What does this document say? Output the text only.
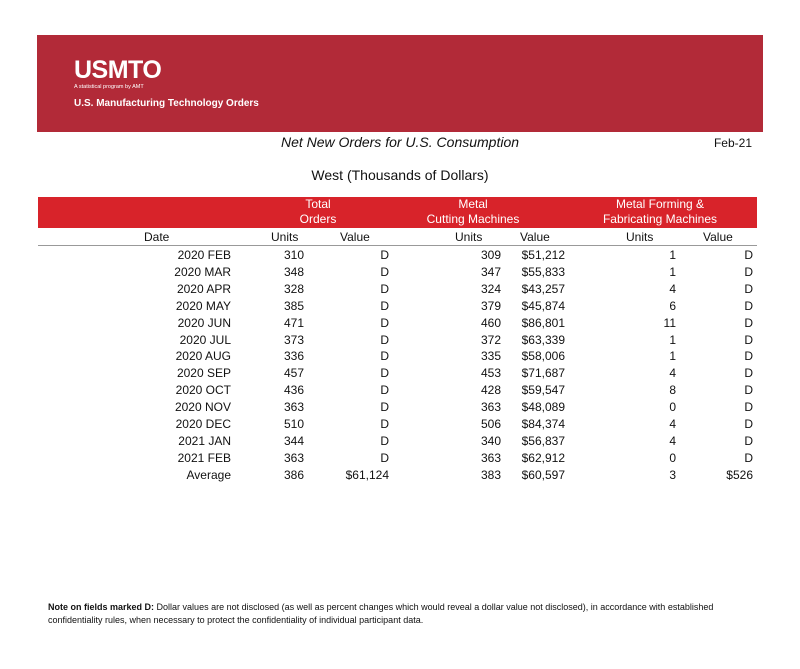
USMTO
A statistical program by AMT
U.S. Manufacturing Technology Orders
Net New Orders for U.S. Consumption	Feb-21
West (Thousands of Dollars)
Total
Orders
Metal
Cutting Machines
Metal Forming &
Fabricating Machines
Date	Units	Value	Units	Value	Units	Value
2020 FEB	310	D	309 $51,212	1	D
2020 MAR	348	D	347 $55,833	1	D
2020 APR	328	D	324 $43,257	4	D
2020 MAY	385	D	379 $45,874	6	D
2020 JUN	471	D	460 $86,801	11	D
2020 JUL	373	D	372 $63,339	1	D
2020 AUG	336	D	335 $58,006	1	D
2020 SEP	457	D	453 $71,687	4	D
2020 OCT	436	D	428 $59,547	8	D
2020 NOV	363	D	363 $48,089	0	D
2020 DEC	510	D	506 $84,374	4	D
2021 JAN	344	D	340 $56,837	4	D
2021 FEB	363	D	363 $62,912	0	D
Average	386	$61,124	383 $60,597	3	$526
Note on fields marked D: Dollar values are not disclosed (as well as percent changes which would reveal a dollar value not disclosed), in accordance with established confidentiality rules, when necessary to protect the confidentiality of individual participant data.
